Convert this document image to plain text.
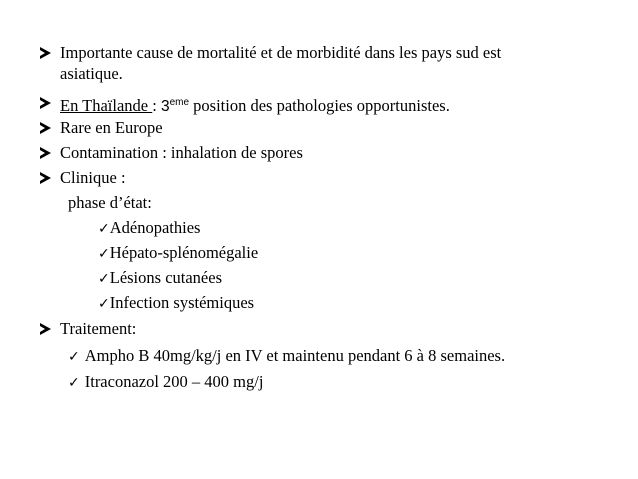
Importante cause de mortalité et de morbidité dans les pays sud est
asiatique.
En Thaïlande : 3eme position des pathologies opportunistes.
Rare en Europe
Contamination : inhalation de spores
Clinique :
phase d’état:
✓Adénopathies
✓Hépato-splénomégalie
✓Lésions cutanées
✓Infection systémiques
Traitement:
✓ Ampho B 40mg/kg/j en IV et maintenu pendant 6 à 8 semaines.
✓ Itraconazol 200 – 400 mg/j
